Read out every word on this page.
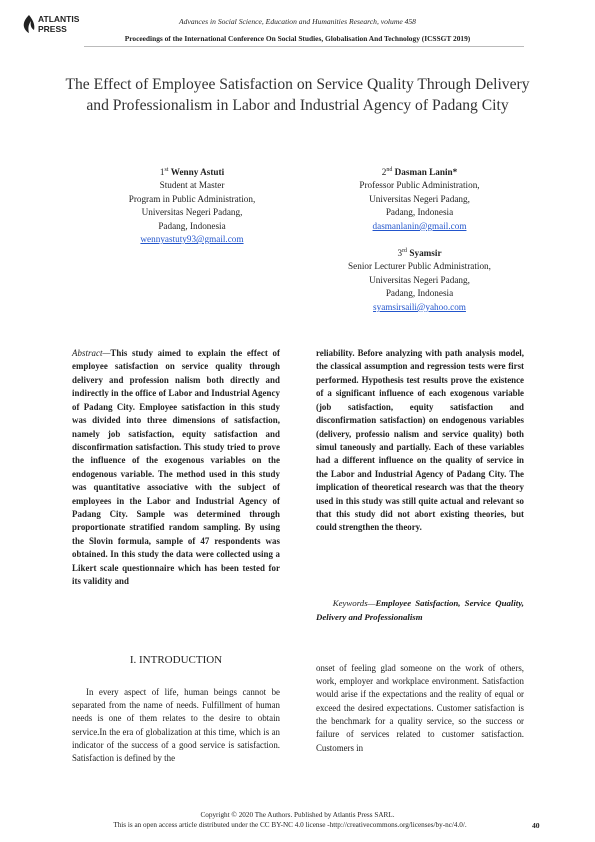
ATLANTIS
PRESS
Advances in Social Science, Education and Humanities Research, volume 458
Proceedings of the International Conference On Social Studies, Globalisation And Technology (ICSSGT 2019)
The Effect of Employee Satisfaction on Service Quality Through Delivery and Professionalism in Labor and Industrial Agency of Padang City
1st Wenny Astuti
Student at Master
Program in Public Administration,
Universitas Negeri Padang,
Padang, Indonesia
wennyastuty93@gmail.com
2nd Dasman Lanin*
Professor Public Administration,
Universitas Negeri Padang,
Padang, Indonesia
dasmanlanin@gmail.com
3rd Syamsir
Senior Lecturer Public Administration,
Universitas Negeri Padang,
Padang, Indonesia
syamsirsaili@yahoo.com

Abstract—This study aimed to explain the effect of employee satisfaction on service quality through delivery and profession nalism both directly and indirectly in the office of Labor and Industrial Agency of Padang City. Employee satisfaction in this study was divided into three dimensions of satisfaction, namely job satisfaction, equity satisfaction and disconfirmation satisfaction. This study tried to prove the influence of the exogenous variables on the endogenous variable. The method used in this study was quantitative associative with the subject of employees in the Labor and Industrial Agency of Padang City. Sample was determined through proportionate stratified random sampling. By using the Slovin formula, sample of 47 respondents was obtained. In this study the data were collected using a Likert scale questionnaire which has been tested for its validity and

reliability. Before analyzing with path analysis model, the classical assumption and regression tests were first performed. Hypothesis test results prove the existence of a significant influence of each exogenous variable (job satisfaction, equity satisfaction and disconfirmation satisfaction) on endogenous variables (delivery, professio nalism and service quality) both simul taneously and partially. Each of these variables had a different influence on the quality of service in the Labor and Industrial Agency of Padang City. The implication of theoretical research was that the theory used in this study was still quite actual and relevant so that this study did not abort existing theories, but could strengthen the theory.

Keywords—Employee Satisfaction, Service Quality, Delivery and Professionalism
I. INTRODUCTION

In every aspect of life, human beings cannot be separated from the name of needs. Fulfillment of human needs is one of them relates to the desire to obtain service.In the era of globalization at this time, which is an indicator of the success of a good service is satisfaction. Satisfaction is defined by the

onset of feeling glad someone on the work of others, work, employer and workplace environment. Satisfaction would arise if the expectations and the reality of equal or exceed the desired expectations. Customer satisfaction is the benchmark for a quality service, so the success or failure of services related to customer satisfaction. Customers in

Copyright © 2020 The Authors. Published by Atlantis Press SARL.
This is an open access article distributed under the CC BY-NC 4.0 license -http://creativecommons.org/licenses/by-nc/4.0/.	40
